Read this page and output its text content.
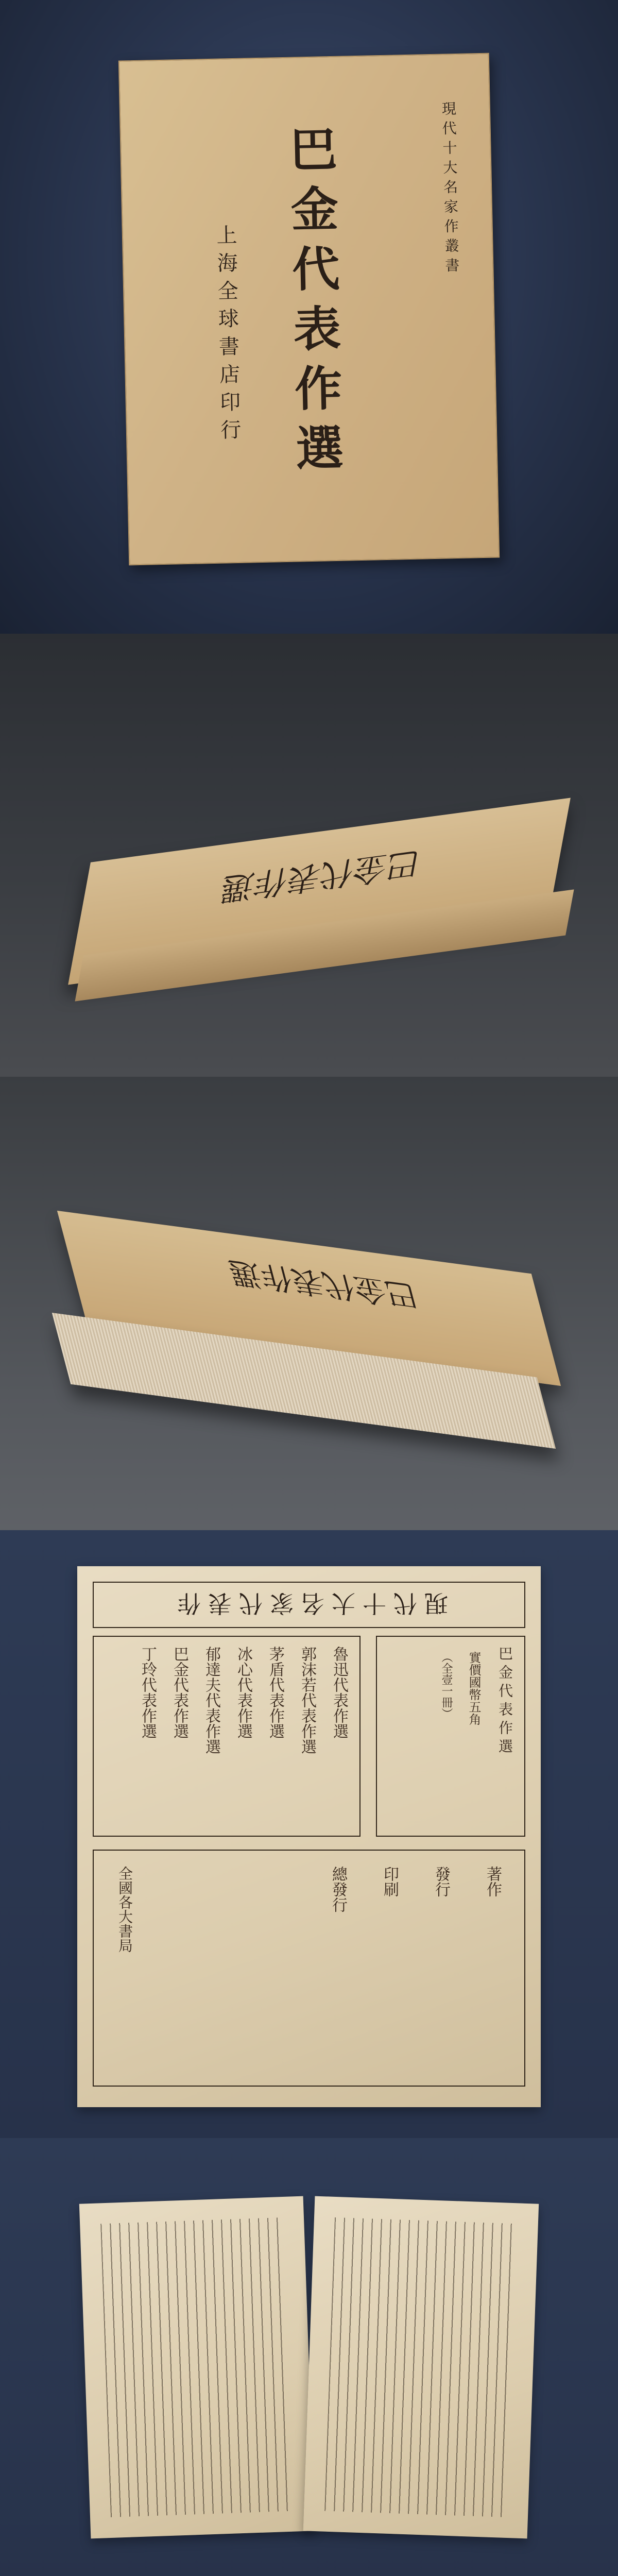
現代十大名家作叢書
巴金代表作選
上海全球書店印行
巴金代表作選
巴金代表作選
現代十大名家代表作
魯迅代表作選
郭沫若代表作選
茅盾代表作選
冰心代表作選
郁達夫代表作選
巴金代表作選
丁玲代表作選	巴金代表作選
實價國幣五角
（全壹一冊）
著作
發行
印刷
總發行
全國各大書局
